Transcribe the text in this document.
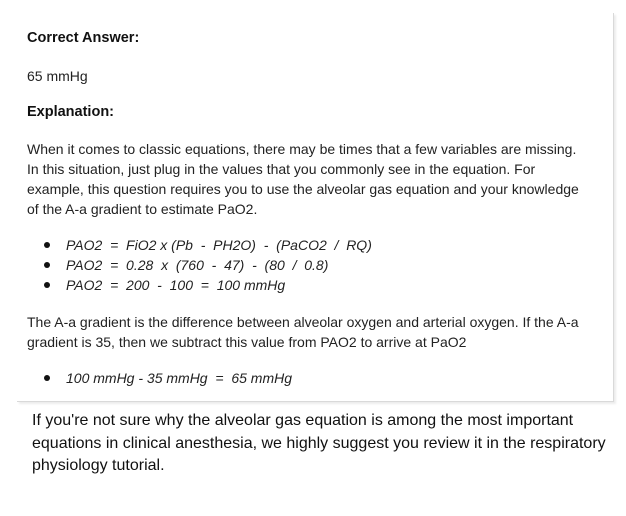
Correct Answer:
65 mmHg
Explanation:
When it comes to classic equations, there may be times that a few variables are missing. In this situation, just plug in the values that you commonly see in the equation. For example, this question requires you to use the alveolar gas equation and your knowledge of the A-a gradient to estimate PaO2.
PAO2  =  FiO2 x (Pb  -  PH2O)  -  (PaCO2  /  RQ)
PAO2  =  0.28  x  (760  -  47)  -  (80  /  0.8)
PAO2  =  200  -  100  =  100 mmHg
The A-a gradient is the difference between alveolar oxygen and arterial oxygen. If the A-a gradient is 35, then we subtract this value from PAO2 to arrive at PaO2
100 mmHg - 35 mmHg  =  65 mmHg
If you're not sure why the alveolar gas equation is among the most important equations in clinical anesthesia, we highly suggest you review it in the respiratory physiology tutorial.
